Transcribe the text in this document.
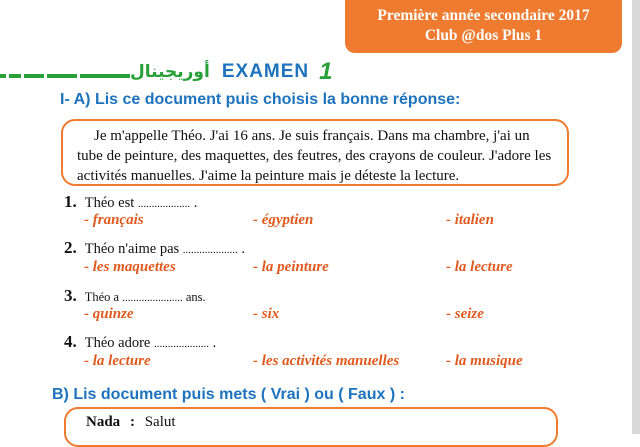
Première année secondaire 2017
Club @dos Plus 1
أوريجينال EXAMEN 1
I- A) Lis ce document puis choisis la bonne réponse:

Je m'appelle Théo. J'ai 16 ans. Je suis français. Dans ma chambre, j'ai un tube de peinture, des maquettes, des feutres, des crayons de couleur. J'adore les activités manuelles. J'aime la peinture mais je déteste la lecture.

1. Théo est ................... .
- français	- égyptien	- italien
2. Théo n'aime pas .................... .
- les maquettes	- la peinture	- la lecture
3. Théo a ...................... ans.
- quinze	- six	- seize
4. Théo adore .................... .
- la lecture	- les activités manuelles	- la musique
B) Lis document puis mets ( Vrai ) ou ( Faux ) :
Nada : Salut
